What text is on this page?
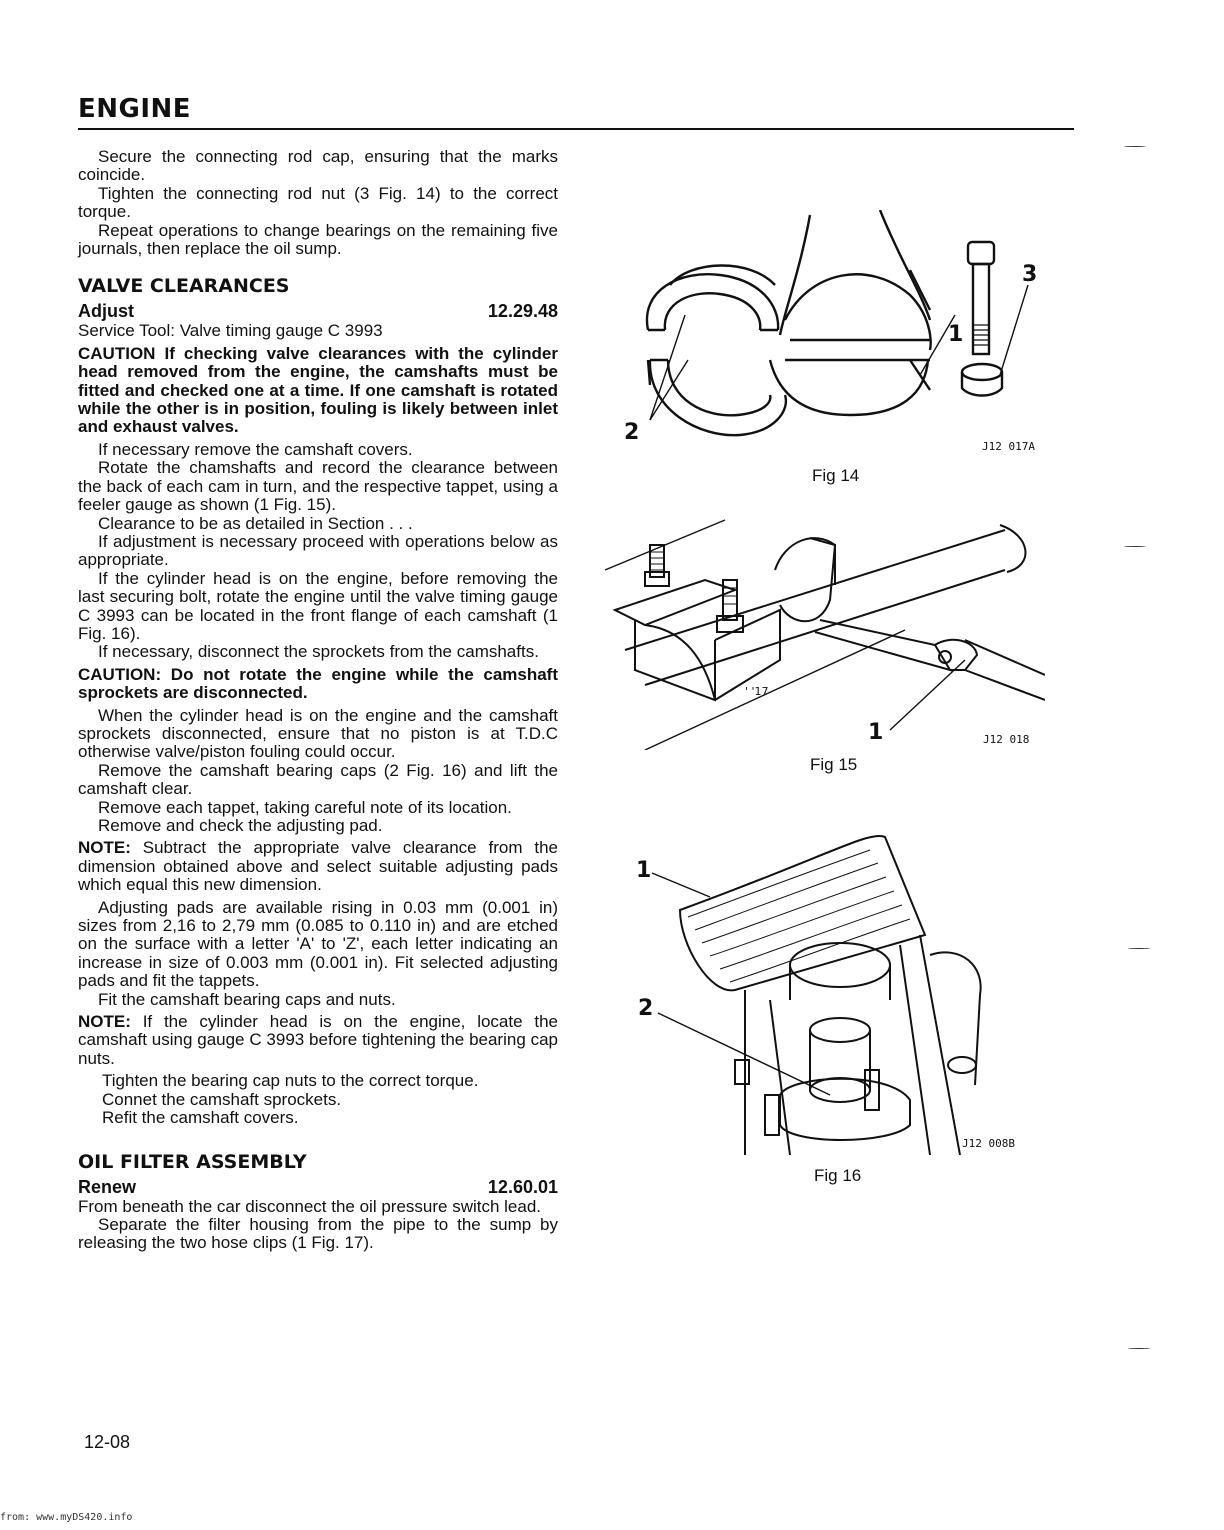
ENGINE

Secure the connecting rod cap, ensuring that the marks coincide.

Tighten the connecting rod nut (3 Fig. 14) to the correct torque.

Repeat operations to change bearings on the remaining five journals, then replace the oil sump.

VALVE CLEARANCES
Adjust	12.29.48

Service Tool: Valve timing gauge C 3993

CAUTION If checking valve clearances with the cylinder head removed from the engine, the camshafts must be fitted and checked one at a time. If one camshaft is rotated while the other is in position, fouling is likely between inlet and exhaust valves.

If necessary remove the camshaft covers.

Rotate the chamshafts and record the clearance between the back of each cam in turn, and the respective tappet, using a feeler gauge as shown (1 Fig. 15).

Clearance to be as detailed in Section . . .

If adjustment is necessary proceed with operations below as appropriate.

If the cylinder head is on the engine, before removing the last securing bolt, rotate the engine until the valve timing gauge C 3993 can be located in the front flange of each camshaft (1 Fig. 16).

If necessary, disconnect the sprockets from the camshafts.

CAUTION: Do not rotate the engine while the camshaft sprockets are disconnected.

When the cylinder head is on the engine and the camshaft sprockets disconnected, ensure that no piston is at T.D.C otherwise valve/piston fouling could occur.

Remove the camshaft bearing caps (2 Fig. 16) and lift the camshaft clear.

Remove each tappet, taking careful note of its location.

Remove and check the adjusting pad.

NOTE: Subtract the appropriate valve clearance from the dimension obtained above and select suitable adjusting pads which equal this new dimension.

Adjusting pads are available rising in 0.03 mm (0.001 in) sizes from 2,16 to 2,79 mm (0.085 to 0.110 in) and are etched on the surface with a letter 'A' to 'Z', each letter indicating an increase in size of 0.003 mm (0.001 in). Fit selected adjusting pads and fit the tappets.

Fit the camshaft bearing caps and nuts.

NOTE: If the cylinder head is on the engine, locate the camshaft using gauge C 3993 before tightening the bearing cap nuts.

Tighten the bearing cap nuts to the correct torque.

Connet the camshaft sprockets.

Refit the camshaft covers.

OIL FILTER ASSEMBLY
Renew	12.60.01

From beneath the car disconnect the oil pressure switch lead.

Separate the filter housing from the pipe to the sump by releasing the two hose clips (1 Fig. 17).

12-08
from: www.myDS420.info
3
1
2
J12 017A
Fig 14
' '17
1	J12 018
Fig 15
1
2
J12 008B
Fig 16
